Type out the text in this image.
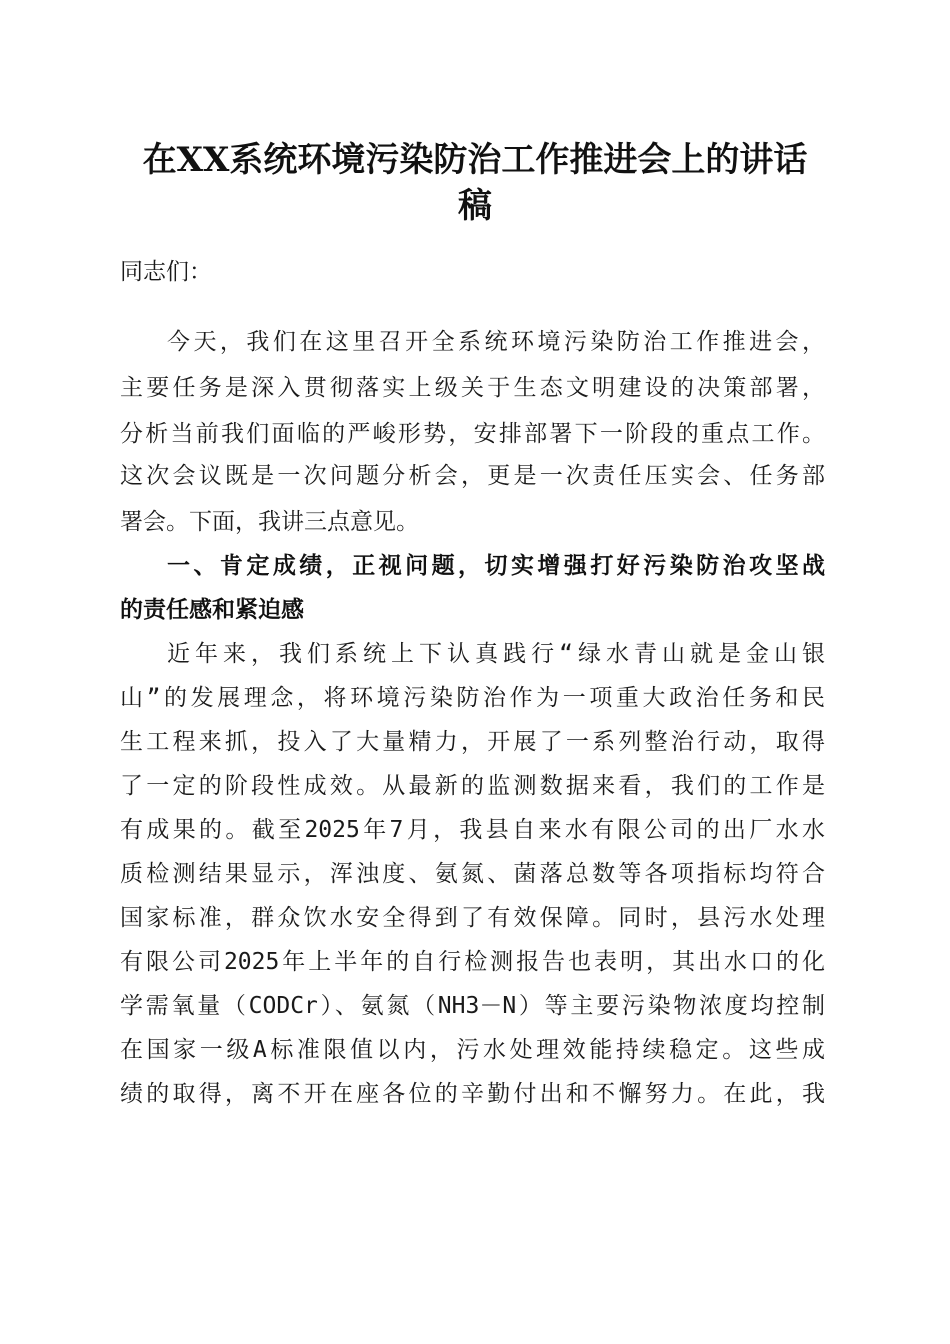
在XX系统环境污染防治工作推进会上的讲话
稿
同志们：
今天，我们在这里召开全系统环境污染防治工作推进会，
主要任务是深入贯彻落实上级关于生态文明建设的决策部署，
分析当前我们面临的严峻形势，安排部署下一阶段的重点工作。
这次会议既是一次问题分析会，更是一次责任压实会、任务部
署会。下面，我讲三点意见。
一、肯定成绩，正视问题，切实增强打好污染防治攻坚战
的责任感和紧迫感
近年来，我们系统上下认真践行“绿水青山就是金山银
山”的发展理念，将环境污染防治作为一项重大政治任务和民
生工程来抓，投入了大量精力，开展了一系列整治行动，取得
了一定的阶段性成效。从最新的监测数据来看，我们的工作是
有成果的。截至2025年7月，我县自来水有限公司的出厂水水
质检测结果显示，浑浊度、氨氮、菌落总数等各项指标均符合
国家标准，群众饮水安全得到了有效保障。同时，县污水处理
有限公司2025年上半年的自行检测报告也表明，其出水口的化
学需氧量（CODCr）、氨氮（NH3－N）等主要污染物浓度均控制
在国家一级A标准限值以内，污水处理效能持续稳定。这些成
绩的取得，离不开在座各位的辛勤付出和不懈努力。在此，我
